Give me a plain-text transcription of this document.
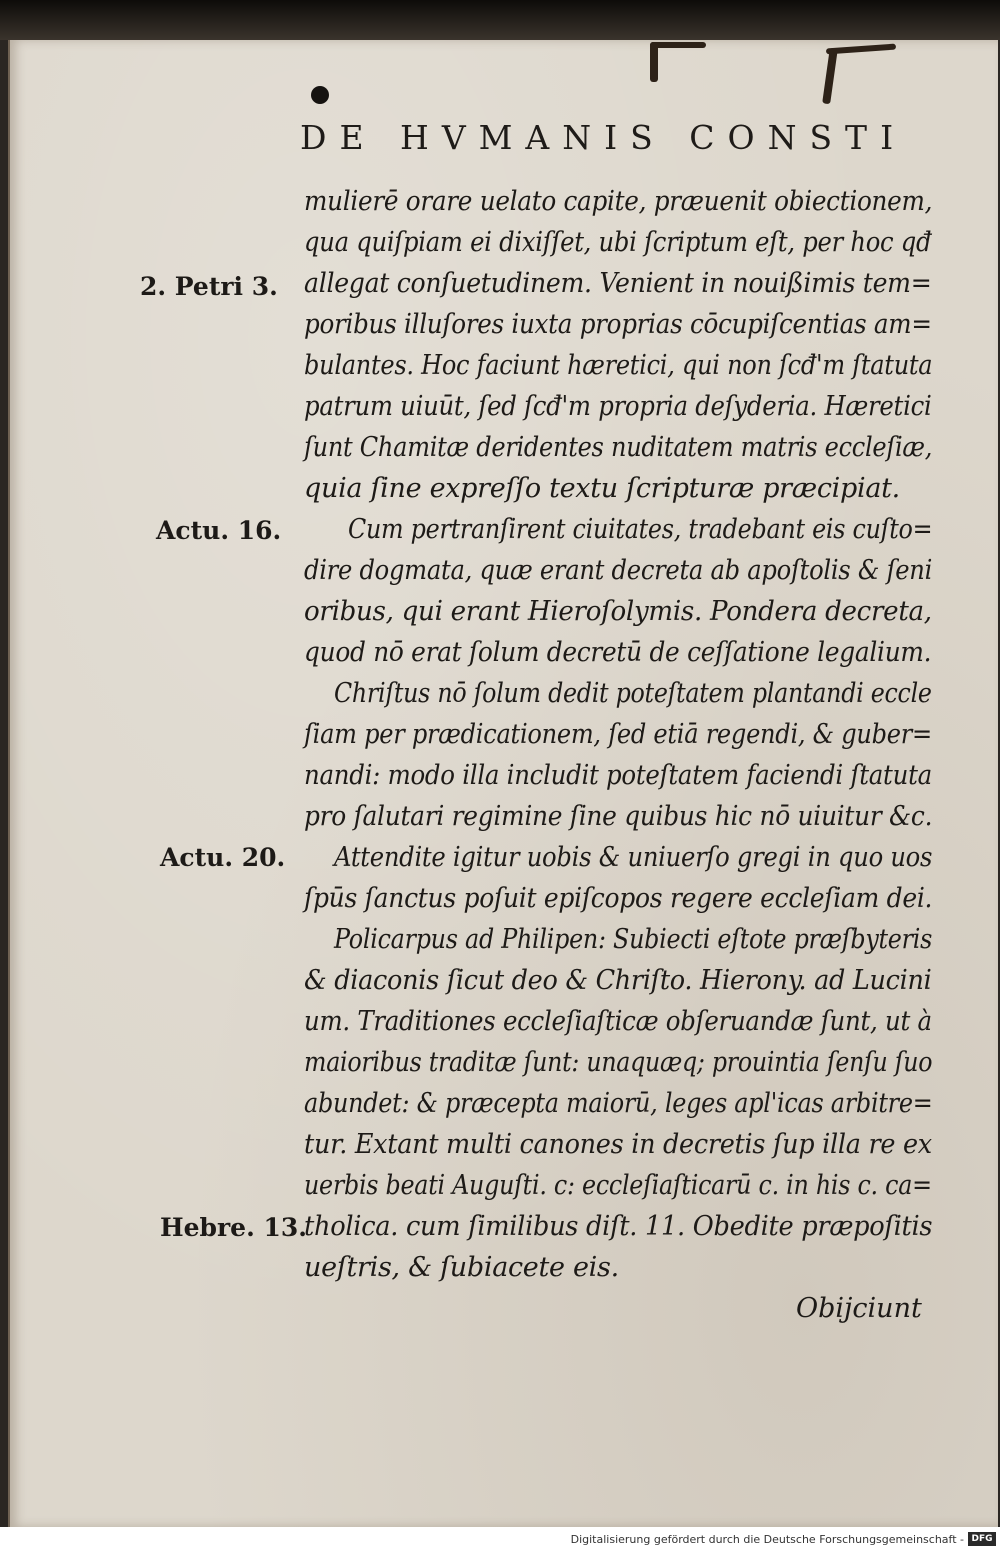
DE HVMANIS CONSTI
mulierē orare uelato capite, præuenit obiectionem,
qua quiſpiam ei dixiſſet, ubi ſcriptum eſt, per hoc qđ
allegat conſuetudinem. Venient in nouißimis tem=
poribus illuſores iuxta proprias cōcupiſcentias am=
bulantes. Hoc faciunt hæretici, qui non ſcđ'm ſtatuta
patrum uiuūt, ſed ſcđ'm propria deſyderia. Hæretici
ſunt Chamitæ deridentes nuditatem matris eccleſiæ,
quia ſine expreſſo textu ſcripturæ præcipiat.
Cum pertranſirent ciuitates, tradebant eis cuſto=
dire dogmata, quæ erant decreta ab apoſtolis & ſeni
oribus, qui erant Hieroſolymis. Pondera decreta,
quod nō erat ſolum decretū de ceſſatione legalium.
Chriſtus nō ſolum dedit poteſtatem plantandi eccle
ſiam per prædicationem, ſed etiā regendi, & guber=
nandi: modo illa includit poteſtatem faciendi ſtatuta
pro ſalutari regimine ſine quibus hic nō uiuitur &c.
Attendite igitur uobis & uniuerſo gregi in quo uos
ſpūs ſanctus poſuit epiſcopos regere eccleſiam dei.
Policarpus ad Philipen: Subiecti eſtote præſbyteris
& diaconis ſicut deo & Chriſto. Hierony. ad Lucini
um. Traditiones eccleſiaſticæ obſeruandæ ſunt, ut à
maioribus traditæ ſunt: unaquæq; prouintia ſenſu ſuo
abundet: & præcepta maiorū, leges apl'icas arbitre=
tur. Extant multi canones in decretis ſup illa re ex
uerbis beati Auguſti. c: eccleſiaſticarū c. in his c. ca=
tholica. cum ſimilibus diſt. 11. Obedite præpoſitis
ueſtris, & ſubiacete eis.
2. Petri 3.
Actu. 16.
Actu. 20.
Hebre. 13.
Obijciunt
Digitalisierung gefördert durch die Deutsche Forschungsgemeinschaft - DFG
